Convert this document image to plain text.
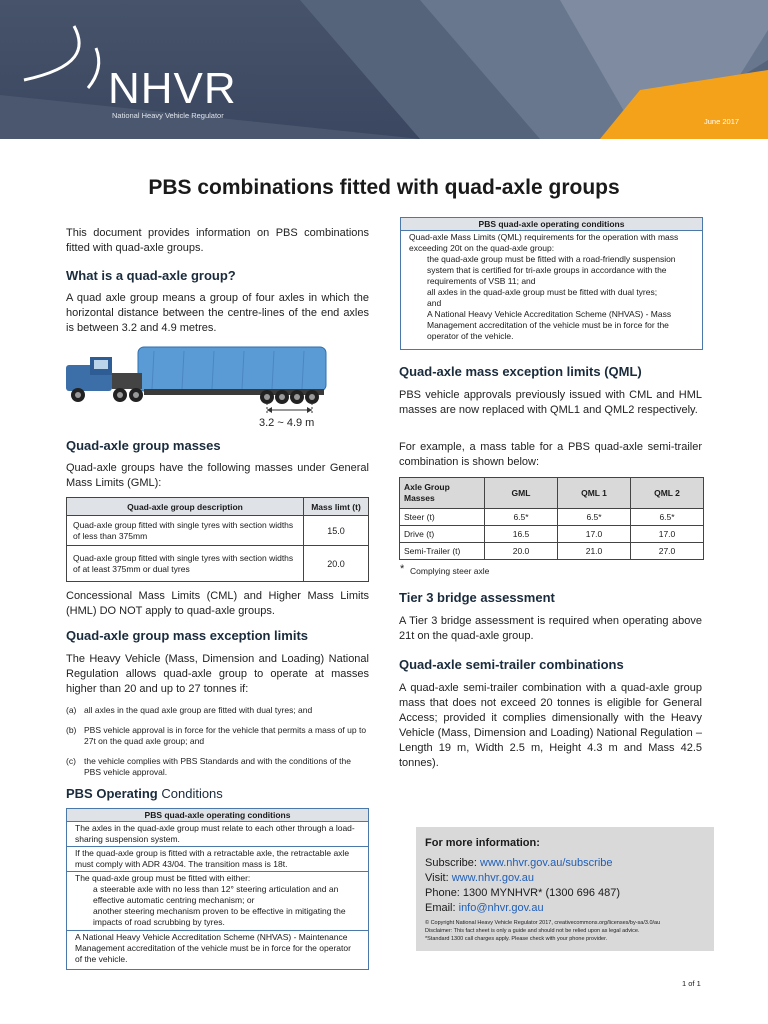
NHVR
National Heavy Vehicle Regulator
June 2017
PBS combinations fitted with quad-axle groups
This document provides information on PBS combinations fitted with quad-axle groups.
What is a quad-axle group?
A quad axle group means a group of four axles in which the horizontal distance between the centre-lines of the end axles is between 3.2 and 4.9 metres.
3.2 ~ 4.9 m
Quad-axle group masses
Quad-axle groups have the following masses under General Mass Limits (GML):
Quad-axle group description	Mass limt (t)
Quad-axle group fitted with single tyres with section widths of less than 375mm	15.0
Quad-axle group fitted with single tyres with section widths of at least 375mm or dual tyres	20.0
Concessional Mass Limits (CML) and Higher Mass Limits (HML) DO NOT apply to quad-axle groups.
Quad-axle group mass exception limits
The Heavy Vehicle (Mass, Dimension and Loading) National Regulation allows quad-axle group to operate at masses higher than 20 and up to 27 tonnes if:
(a) all axles in the quad axle group are fitted with dual tyres; and
(b) PBS vehicle approval is in force for the vehicle that permits a mass of up to 27t on the quad axle group; and
(c) the vehicle complies with PBS Standards and with the conditions of the PBS vehicle approval.
PBS Operating Conditions
PBS quad-axle operating conditions
The axles in the quad-axle group must relate to each other through a load-sharing suspension system.
If the quad-axle group is fitted with a retractable axle, the retractable axle must comply with ADR 43/04. The transition mass is 18t.
The quad-axle group must be fitted with either:
a steerable axle with no less than 12° steering articulation and an effective automatic centring mechanism; or
another steering mechanism proven to be effective in mitigating the impacts of road scrubbing by tyres.
A National Heavy Vehicle Accreditation Scheme (NHVAS) - Maintenance Management accreditation of the vehicle must be in force for the operator of the vehicle.
PBS quad-axle operating conditions
Quad-axle Mass Limits (QML) requirements for the operation with mass exceeding 20t on the quad-axle group:
the quad-axle group must be fitted with a road-friendly suspension system that is certified for tri-axle groups in accordance with the requirements of VSB 11; and
all axles in the quad-axle group must be fitted with dual tyres;
and
A National Heavy Vehicle Accreditation Scheme (NHVAS) - Mass Management accreditation of the vehicle must be in force for the operator of the vehicle.
Quad-axle mass exception limits (QML)
PBS vehicle approvals previously issued with CML and HML masses are now replaced with QML1 and QML2 respectively.
For example, a mass table for a PBS quad-axle semi-trailer combination is shown below:
Axle Group Masses	GML	QML 1	QML 2
Steer (t)	6.5*	6.5*	6.5*
Drive (t)	16.5	17.0	17.0
Semi-Trailer (t)	20.0	21.0	27.0
* Complying steer axle
Tier 3 bridge assessment
A Tier 3 bridge assessment is required when operating above 21t on the quad-axle group.
Quad-axle semi-trailer combinations
A quad-axle semi-trailer combination with a quad-axle group mass that does not exceed 20 tonnes is eligible for General Access; provided it complies dimensionally with the Heavy Vehicle (Mass, Dimension and Loading) National Regulation – Length 19 m, Width 2.5 m, Height 4.3 m and Mass 42.5 tonnes).
For more information:
Subscribe: www.nhvr.gov.au/subscribe
Visit: www.nhvr.gov.au
Phone: 1300 MYNHVR* (1300 696 487)
Email: info@nhvr.gov.au
© Copyright National Heavy Vehicle Regulator 2017, creativecommons.org/licenses/by-sa/3.0/au
Disclaimer: This fact sheet is only a guide and should not be relied upon as legal advice.
*Standard 1300 call charges apply. Please check with your phone provider.
1 of 1
